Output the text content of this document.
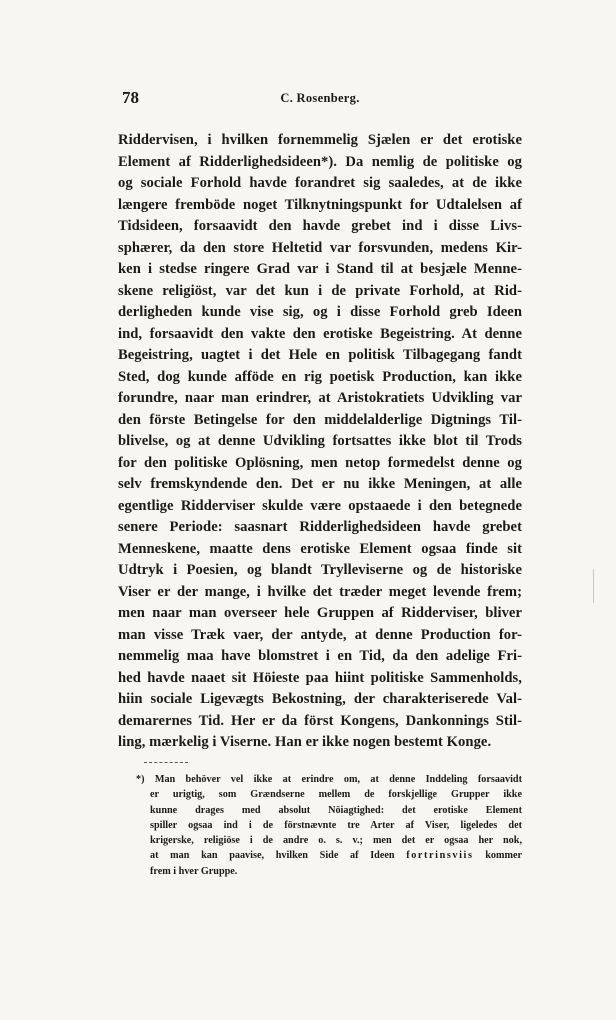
78	C. Rosenberg.
Riddervisen, i hvilken fornemmelig Sjælen er det erotiske
Element af Ridderlighedsideen*). Da nemlig de politiske og
og sociale Forhold havde forandret sig saaledes, at de ikke
længere fremböde noget Tilknytningspunkt for Udtalelsen af
Tidsideen, forsaavidt den havde grebet ind i disse Livs-
sphærer, da den store Heltetid var forsvunden, medens Kir-
ken i stedse ringere Grad var i Stand til at besjæle Menne-
skene religiöst, var det kun i de private Forhold, at Rid-
derligheden kunde vise sig, og i disse Forhold greb Ideen
ind, forsaavidt den vakte den erotiske Begeistring. At denne
Begeistring, uagtet i det Hele en politisk Tilbagegang fandt
Sted, dog kunde afföde en rig poetisk Production, kan ikke
forundre, naar man erindrer, at Aristokratiets Udvikling var
den förste Betingelse for den middelalderlige Digtnings Til-
blivelse, og at denne Udvikling fortsattes ikke blot til Trods
for den politiske Oplösning, men netop formedelst denne og
selv fremskyndende den. Det er nu ikke Meningen, at alle
egentlige Ridderviser skulde være opstaaede i den betegnede
senere Periode: saasnart Ridderlighedsideen havde grebet
Menneskene, maatte dens erotiske Element ogsaa finde sit
Udtryk i Poesien, og blandt Trylleviserne og de historiske
Viser er der mange, i hvilke det træder meget levende frem;
men naar man overseer hele Gruppen af Ridderviser, bliver
man visse Træk vaer, der antyde, at denne Production for-
nemmelig maa have blomstret i en Tid, da den adelige Fri-
hed havde naaet sit Höieste paa hiint politiske Sammenholds,
hiin sociale Ligevægts Bekostning, der charakteriserede Val-
demarernes Tid. Her er da först Kongens, Dankonnings Stil-
ling, mærkelig i Viserne. Han er ikke nogen bestemt Konge.
*) Man behöver vel ikke at erindre om, at denne Inddeling forsaavidt
er urigtig, som Grændserne mellem de forskjellige Grupper ikke
kunne drages med absolut Nöiagtighed: det erotiske Element
spiller ogsaa ind i de förstnævnte tre Arter af Viser, ligeledes det
krigerske, religiöse i de andre o. s. v.; men det er ogsaa her nok,
at man kan paavise, hvilken Side af Ideen fortrinsviis kommer
frem i hver Gruppe.
